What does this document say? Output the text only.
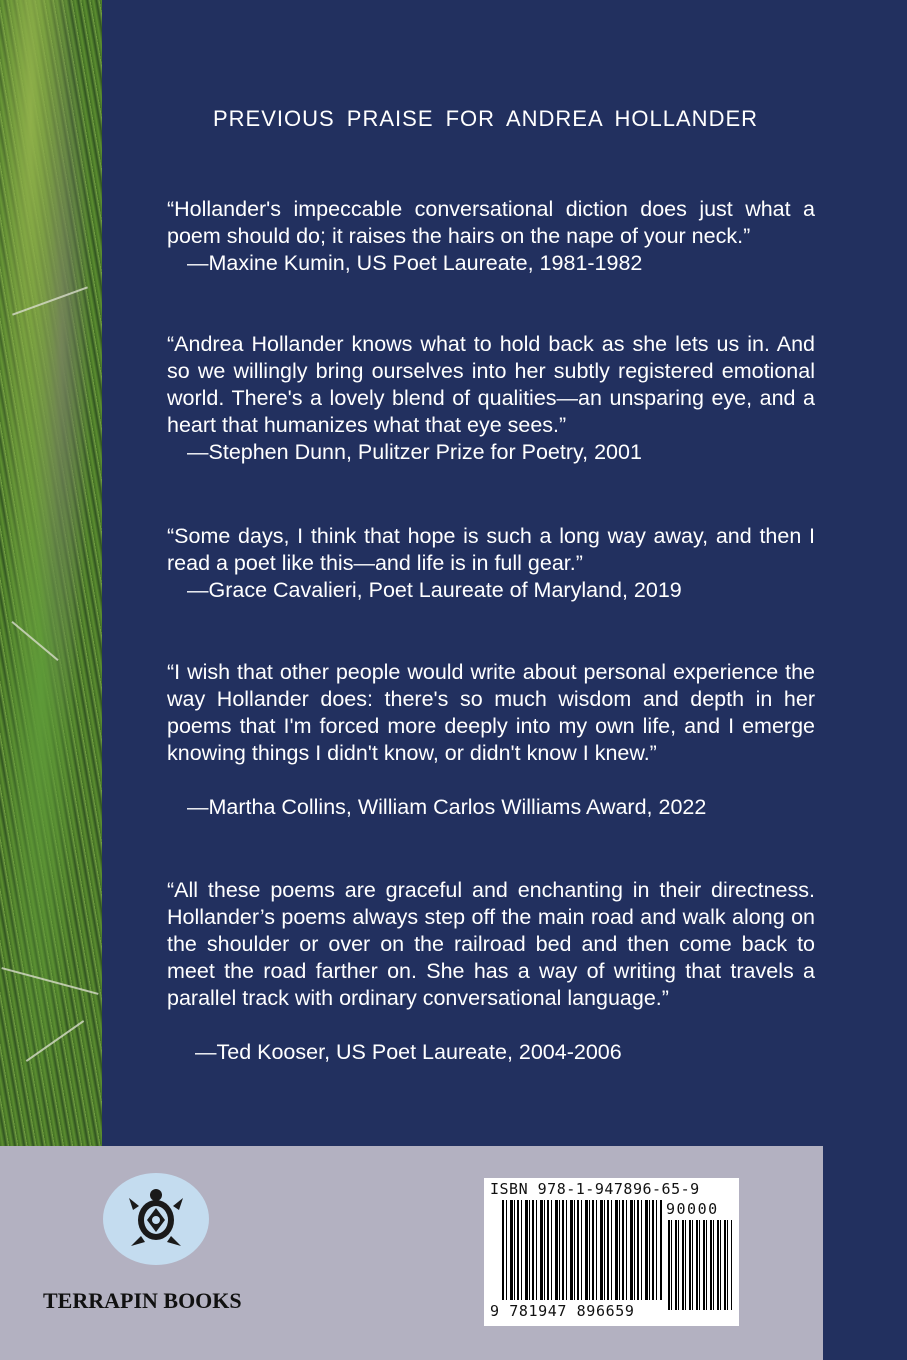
PREVIOUS PRAISE FOR ANDREA HOLLANDER
“Hollander's impeccable conversational diction does just what a poem should do; it raises the hairs on the nape of your neck.”
—Maxine Kumin, US Poet Laureate, 1981-1982
“Andrea Hollander knows what to hold back as she lets us in. And so we willingly bring ourselves into her subtly registered emotional world. There's a lovely blend of qualities—an unsparing eye, and a heart that humanizes what that eye sees.”
—Stephen Dunn, Pulitzer Prize for Poetry, 2001
“Some days, I think that hope is such a long way away, and then I read a poet like this—and life is in full gear.”
—Grace Cavalieri, Poet Laureate of Maryland, 2019
“I wish that other people would write about personal experience the way Hollander does: there's so much wisdom and depth in her poems that I'm forced more deeply into my own life, and I emerge knowing things I didn't know, or didn't know I knew.”
—Martha Collins, William Carlos Williams Award, 2022
“All these poems are graceful and enchanting in their directness. Hollander’s poems always step off the main road and walk along on the shoulder or over on the railroad bed and then come back to meet the road farther on. She has a way of writing that travels a parallel track with ordinary conversational language.”
—Ted Kooser, US Poet Laureate, 2004-2006
TERRAPIN BOOKS
ISBN 978-1-947896-65-9
90000
9 781947 896659
